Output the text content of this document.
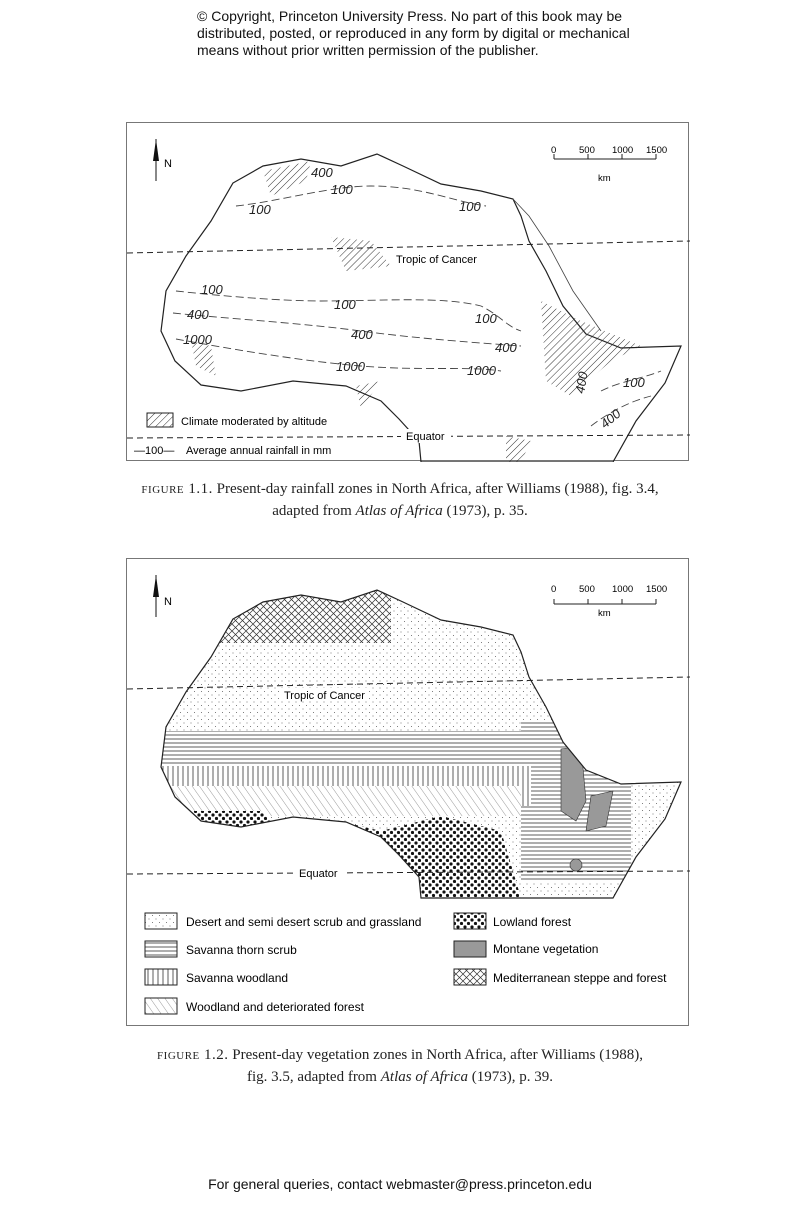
© Copyright, Princeton University Press. No part of this book may be distributed, posted, or reproduced in any form by digital or mechanical means without prior written permission of the publisher.
Tropic of Cancer
Equator
400
100
100	100
100
400
100
1000	400
100
400
1000	1000
400 100
400
N
0 500 1000 1500
km
Climate moderated by altitude
—100— Average annual rainfall in mm
figure 1.1. Present-day rainfall zones in North Africa, after Williams (1988), fig. 3.4,
adapted from Atlas of Africa (1973), p. 35.
Tropic of Cancer
Equator
N
0 500 1000 1500
km
Desert and semi desert scrub and grassland
Savanna thorn scrub
Savanna woodland
Woodland and deteriorated forest
Lowland forest
Montane vegetation
Mediterranean steppe and forest
figure 1.2. Present-day vegetation zones in North Africa, after Williams (1988),
fig. 3.5, adapted from Atlas of Africa (1973), p. 39.
For general queries, contact webmaster@press.princeton.edu
